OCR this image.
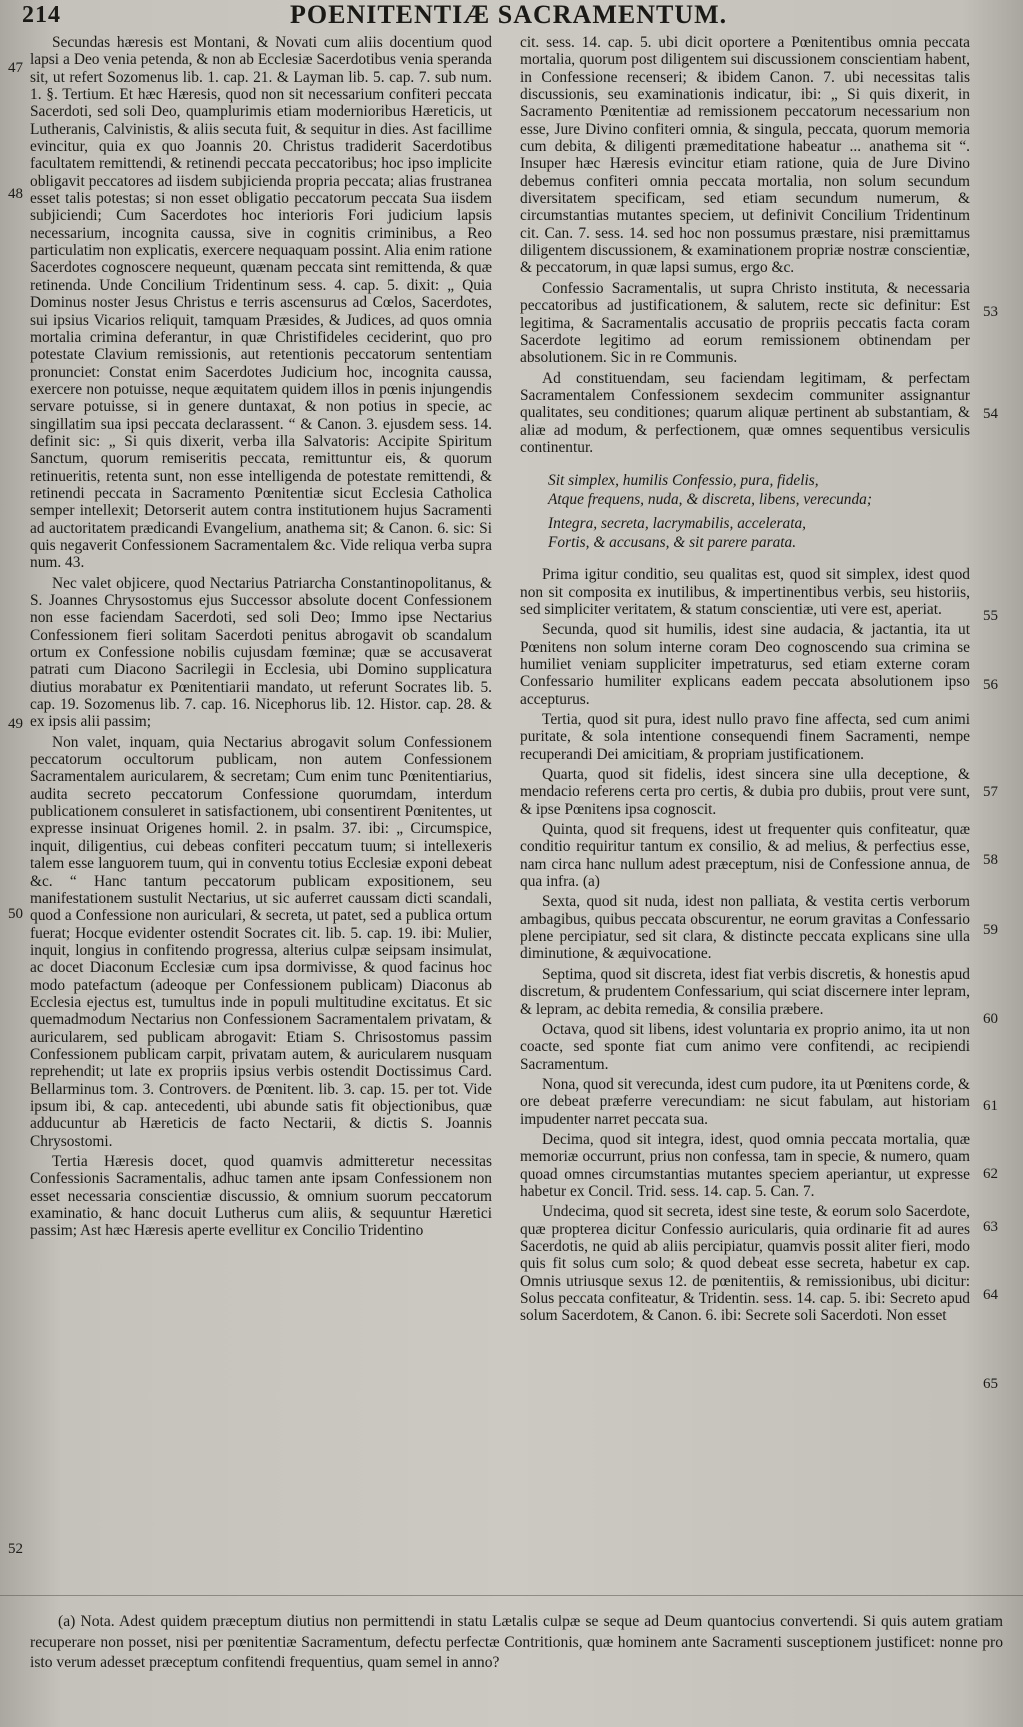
214	POENITENTIÆ SACRAMENTUM.
47
48
49
50
52
53
54
55
56
57
58
59
60
61
62
63
64
65

Secundas hæresis est Montani, & Novati cum aliis docentium quod lapsi a Deo venia petenda, & non ab Ecclesiæ Sacerdotibus venia speranda sit, ut refert Sozomenus lib. 1. cap. 21. & Layman lib. 5. cap. 7. sub num. 1. §. Tertium. Et hæc Hæresis, quod non sit necessarium confiteri peccata Sacerdoti, sed soli Deo, quamplurimis etiam modernioribus Hæreticis, ut Lutheranis, Calvinistis, & aliis secuta fuit, & sequitur in dies. Ast facillime evincitur, quia ex quo Joannis 20. Christus tradiderit Sacerdotibus facultatem remittendi, & retinendi peccata peccatoribus; hoc ipso implicite obligavit peccatores ad iisdem subjicienda propria peccata; alias frustranea esset talis potestas; si non esset obligatio peccatorum peccata Sua iisdem subjiciendi; Cum Sacerdotes hoc interioris Fori judicium lapsis necessarium, incognita caussa, sive in cognitis criminibus, a Reo particulatim non explicatis, exercere nequaquam possint. Alia enim ratione Sacerdotes cognoscere nequeunt, quænam peccata sint remittenda, & quæ retinenda. Unde Concilium Tridentinum sess. 4. cap. 5. dixit: „ Quia Dominus noster Jesus Christus e terris ascensurus ad Cœlos, Sacerdotes, sui ipsius Vicarios reliquit, tamquam Præsides, & Judices, ad quos omnia mortalia crimina deferantur, in quæ Christifideles ceciderint, quo pro potestate Clavium remissionis, aut retentionis peccatorum sententiam pronunciet: Constat enim Sacerdotes Judicium hoc, incognita caussa, exercere non potuisse, neque æquitatem quidem illos in pœnis injungendis servare potuisse, si in genere duntaxat, & non potius in specie, ac singillatim sua ipsi peccata declarassent. “ & Canon. 3. ejusdem sess. 14. definit sic: „ Si quis dixerit, verba illa Salvatoris: Accipite Spiritum Sanctum, quorum remiseritis peccata, remittuntur eis, & quorum retinueritis, retenta sunt, non esse intelligenda de potestate remittendi, & retinendi peccata in Sacramento Pœnitentiæ sicut Ecclesia Catholica semper intellexit; Detorserit autem contra institutionem hujus Sacramenti ad auctoritatem prædicandi Evangelium, anathema sit; & Canon. 6. sic: Si quis negaverit Confessionem Sacramentalem &c. Vide reliqua verba supra num. 43.

Nec valet objicere, quod Nectarius Patriarcha Constantinopolitanus, & S. Joannes Chrysostomus ejus Successor absolute docent Confessionem non esse faciendam Sacerdoti, sed soli Deo; Immo ipse Nectarius Confessionem fieri solitam Sacerdoti penitus abrogavit ob scandalum ortum ex Confessione nobilis cujusdam fœminæ; quæ se accusaverat patrati cum Diacono Sacrilegii in Ecclesia, ubi Domino supplicatura diutius morabatur ex Pœnitentiarii mandato, ut referunt Socrates lib. 5. cap. 19. Sozomenus lib. 7. cap. 16. Nicephorus lib. 12. Histor. cap. 28. & ex ipsis alii passim;

Non valet, inquam, quia Nectarius abrogavit solum Confessionem peccatorum occultorum publicam, non autem Confessionem Sacramentalem auricularem, & secretam; Cum enim tunc Pœnitentiarius, audita secreto peccatorum Confessione quorumdam, interdum publicationem consuleret in satisfactionem, ubi consentirent Pœnitentes, ut expresse insinuat Origenes homil. 2. in psalm. 37. ibi: „ Circumspice, inquit, diligentius, cui debeas confiteri peccatum tuum; si intellexeris talem esse languorem tuum, qui in conventu totius Ecclesiæ exponi debeat &c. “ Hanc tantum peccatorum publicam expositionem, seu manifestationem sustulit Nectarius, ut sic auferret caussam dicti scandali, quod a Confessione non auriculari, & secreta, ut patet, sed a publica ortum fuerat; Hocque evidenter ostendit Socrates cit. lib. 5. cap. 19. ibi: Mulier, inquit, longius in confitendo progressa, alterius culpæ seipsam insimulat, ac docet Diaconum Ecclesiæ cum ipsa dormivisse, & quod facinus hoc modo patefactum (adeoque per Confessionem publicam) Diaconus ab Ecclesia ejectus est, tumultus inde in populi multitudine excitatus. Et sic quemadmodum Nectarius non Confessionem Sacramentalem privatam, & auricularem, sed publicam abrogavit: Etiam S. Chrisostomus passim Confessionem publicam carpit, privatam autem, & auricularem nusquam reprehendit; ut late ex propriis ipsius verbis ostendit Doctissimus Card. Bellarminus tom. 3. Controvers. de Pœnitent. lib. 3. cap. 15. per tot. Vide ipsum ibi, & cap. antecedenti, ubi abunde satis fit objectionibus, quæ adducuntur ab Hæreticis de facto Nectarii, & dictis S. Joannis Chrysostomi.

Tertia Hæresis docet, quod quamvis admitteretur necessitas Confessionis Sacramentalis, adhuc tamen ante ipsam Confessionem non esset necessaria conscientiæ discussio, & omnium suorum peccatorum examinatio, & hanc docuit Lutherus cum aliis, & sequuntur Hæretici passim; Ast hæc Hæresis aperte evellitur ex Concilio Tridentino

cit. sess. 14. cap. 5. ubi dicit oportere a Pœnitentibus omnia peccata mortalia, quorum post diligentem sui discussionem conscientiam habent, in Confessione recenseri; & ibidem Canon. 7. ubi necessitas talis discussionis, seu examinationis indicatur, ibi: „ Si quis dixerit, in Sacramento Pœnitentiæ ad remissionem peccatorum necessarium non esse, Jure Divino confiteri omnia, & singula, peccata, quorum memoria cum debita, & diligenti præmeditatione habeatur ... anathema sit “. Insuper hæc Hæresis evincitur etiam ratione, quia de Jure Divino debemus confiteri omnia peccata mortalia, non solum secundum diversitatem specificam, sed etiam secundum numerum, & circumstantias mutantes speciem, ut definivit Concilium Tridentinum cit. Can. 7. sess. 14. sed hoc non possumus præstare, nisi præmittamus diligentem discussionem, & examinationem propriæ nostræ conscientiæ, & peccatorum, in quæ lapsi sumus, ergo &c.

Confessio Sacramentalis, ut supra Christo instituta, & necessaria peccatoribus ad justificationem, & salutem, recte sic definitur: Est legitima, & Sacramentalis accusatio de propriis peccatis facta coram Sacerdote legitimo ad eorum remissionem obtinendam per absolutionem. Sic in re Communis.

Ad constituendam, seu faciendam legitimam, & perfectam Sacramentalem Confessionem sexdecim communiter assignantur qualitates, seu conditiones; quarum aliquæ pertinent ab substantiam, & aliæ ad modum, & perfectionem, quæ omnes sequentibus versiculis continentur.

Sit simplex, humilis Confessio, pura, fidelis,
Atque frequens, nuda, & discreta, libens, verecunda;
Integra, secreta, lacrymabilis, accelerata,
Fortis, & accusans, & sit parere parata.

Prima igitur conditio, seu qualitas est, quod sit simplex, idest quod non sit composita ex inutilibus, & impertinentibus verbis, seu historiis, sed simpliciter veritatem, & statum conscientiæ, uti vere est, aperiat.

Secunda, quod sit humilis, idest sine audacia, & jactantia, ita ut Pœnitens non solum interne coram Deo cognoscendo sua crimina se humiliet veniam suppliciter impetraturus, sed etiam externe coram Confessario humiliter explicans eadem peccata absolutionem ipso accepturus.

Tertia, quod sit pura, idest nullo pravo fine affecta, sed cum animi puritate, & sola intentione consequendi finem Sacramenti, nempe recuperandi Dei amicitiam, & propriam justificationem.

Quarta, quod sit fidelis, idest sincera sine ulla deceptione, & mendacio referens certa pro certis, & dubia pro dubiis, prout vere sunt, & ipse Pœnitens ipsa cognoscit.

Quinta, quod sit frequens, idest ut frequenter quis confiteatur, quæ conditio requiritur tantum ex consilio, & ad melius, & perfectius esse, nam circa hanc nullum adest præceptum, nisi de Confessione annua, de qua infra. (a)

Sexta, quod sit nuda, idest non palliata, & vestita certis verborum ambagibus, quibus peccata obscurentur, ne eorum gravitas a Confessario plene percipiatur, sed sit clara, & distincte peccata explicans sine ulla diminutione, & æquivocatione.

Septima, quod sit discreta, idest fiat verbis discretis, & honestis apud discretum, & prudentem Confessarium, qui sciat discernere inter lepram, & lepram, ac debita remedia, & consilia præbere.

Octava, quod sit libens, idest voluntaria ex proprio animo, ita ut non coacte, sed sponte fiat cum animo vere confitendi, ac recipiendi Sacramentum.

Nona, quod sit verecunda, idest cum pudore, ita ut Pœnitens corde, & ore debeat præferre verecundiam: ne sicut fabulam, aut historiam impudenter narret peccata sua.

Decima, quod sit integra, idest, quod omnia peccata mortalia, quæ memoriæ occurrunt, prius non confessa, tam in specie, & numero, quam quoad omnes circumstantias mutantes speciem aperiantur, ut expresse habetur ex Concil. Trid. sess. 14. cap. 5. Can. 7.

Undecima, quod sit secreta, idest sine teste, & eorum solo Sacerdote, quæ propterea dicitur Confessio auricularis, quia ordinarie fit ad aures Sacerdotis, ne quid ab aliis percipiatur, quamvis possit aliter fieri, modo quis fit solus cum solo; & quod debeat esse secreta, habetur ex cap. Omnis utriusque sexus 12. de pœnitentiis, & remissionibus, ubi dicitur: Solus peccata confiteatur, & Tridentin. sess. 14. cap. 5. ibi: Secreto apud solum Sacerdotem, & Canon. 6. ibi: Secrete soli Sacerdoti. Non esset

(a) Nota. Adest quidem præceptum diutius non permittendi in statu Lætalis culpæ se seque ad Deum quantocius convertendi. Si quis autem gratiam recuperare non posset, nisi per pœnitentiæ Sacramentum, defectu perfectæ Contritionis, quæ hominem ante Sacramenti susceptionem justificet: nonne pro isto verum adesset præceptum confitendi frequentius, quam semel in anno?
